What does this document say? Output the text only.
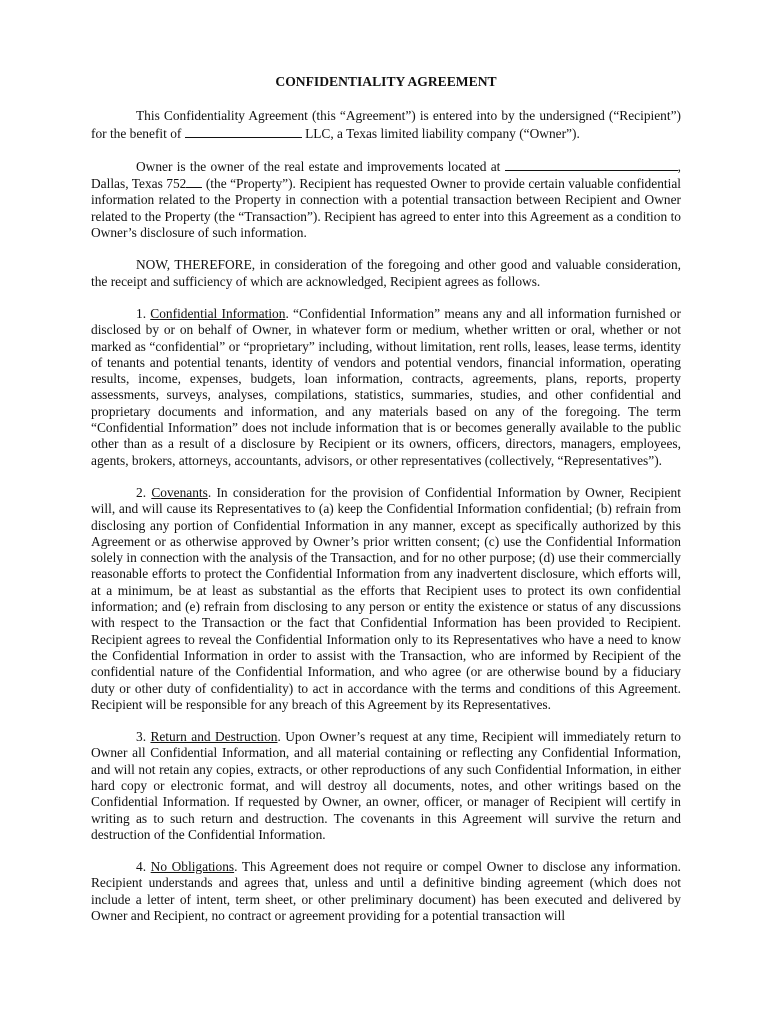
CONFIDENTIALITY AGREEMENT

This Confidentiality Agreement (this “Agreement”) is entered into by the undersigned (“Recipient”) for the benefit of	LLC, a Texas limited liability company (“Owner”).

Owner is the owner of the real estate and improvements located at	, Dallas, Texas 752 (the “Property”). Recipient has requested Owner to provide certain valuable confidential information related to the Property in connection with a potential transaction between Recipient and Owner related to the Property (the “Transaction”). Recipient has agreed to enter into this Agreement as a condition to Owner’s disclosure of such information.

NOW, THEREFORE, in consideration of the foregoing and other good and valuable consideration, the receipt and sufficiency of which are acknowledged, Recipient agrees as follows.

1. Confidential Information. “Confidential Information” means any and all information furnished or disclosed by or on behalf of Owner, in whatever form or medium, whether written or oral, whether or not marked as “confidential” or “proprietary” including, without limitation, rent rolls, leases, lease terms, identity of tenants and potential tenants, identity of vendors and potential vendors, financial information, operating results, income, expenses, budgets, loan information, contracts, agreements, plans, reports, property assessments, surveys, analyses, compilations, statistics, summaries, studies, and other confidential and proprietary documents and information, and any materials based on any of the foregoing. The term “Confidential Information” does not include information that is or becomes generally available to the public other than as a result of a disclosure by Recipient or its owners, officers, directors, managers, employees, agents, brokers, attorneys, accountants, advisors, or other representatives (collectively, “Representatives”).

2. Covenants. In consideration for the provision of Confidential Information by Owner, Recipient will, and will cause its Representatives to (a) keep the Confidential Information confidential; (b) refrain from disclosing any portion of Confidential Information in any manner, except as specifically authorized by this Agreement or as otherwise approved by Owner’s prior written consent; (c) use the Confidential Information solely in connection with the analysis of the Transaction, and for no other purpose; (d) use their commercially reasonable efforts to protect the Confidential Information from any inadvertent disclosure, which efforts will, at a minimum, be at least as substantial as the efforts that Recipient uses to protect its own confidential information; and (e) refrain from disclosing to any person or entity the existence or status of any discussions with respect to the Transaction or the fact that Confidential Information has been provided to Recipient. Recipient agrees to reveal the Confidential Information only to its Representatives who have a need to know the Confidential Information in order to assist with the Transaction, who are informed by Recipient of the confidential nature of the Confidential Information, and who agree (or are otherwise bound by a fiduciary duty or other duty of confidentiality) to act in accordance with the terms and conditions of this Agreement. Recipient will be responsible for any breach of this Agreement by its Representatives.

3. Return and Destruction. Upon Owner’s request at any time, Recipient will immediately return to Owner all Confidential Information, and all material containing or reflecting any Confidential Information, and will not retain any copies, extracts, or other reproductions of any such Confidential Information, in either hard copy or electronic format, and will destroy all documents, notes, and other writings based on the Confidential Information. If requested by Owner, an owner, officer, or manager of Recipient will certify in writing as to such return and destruction. The covenants in this Agreement will survive the return and destruction of the Confidential Information.

4. No Obligations. This Agreement does not require or compel Owner to disclose any information. Recipient understands and agrees that, unless and until a definitive binding agreement (which does not include a letter of intent, term sheet, or other preliminary document) has been executed and delivered by Owner and Recipient, no contract or agreement providing for a potential transaction will
